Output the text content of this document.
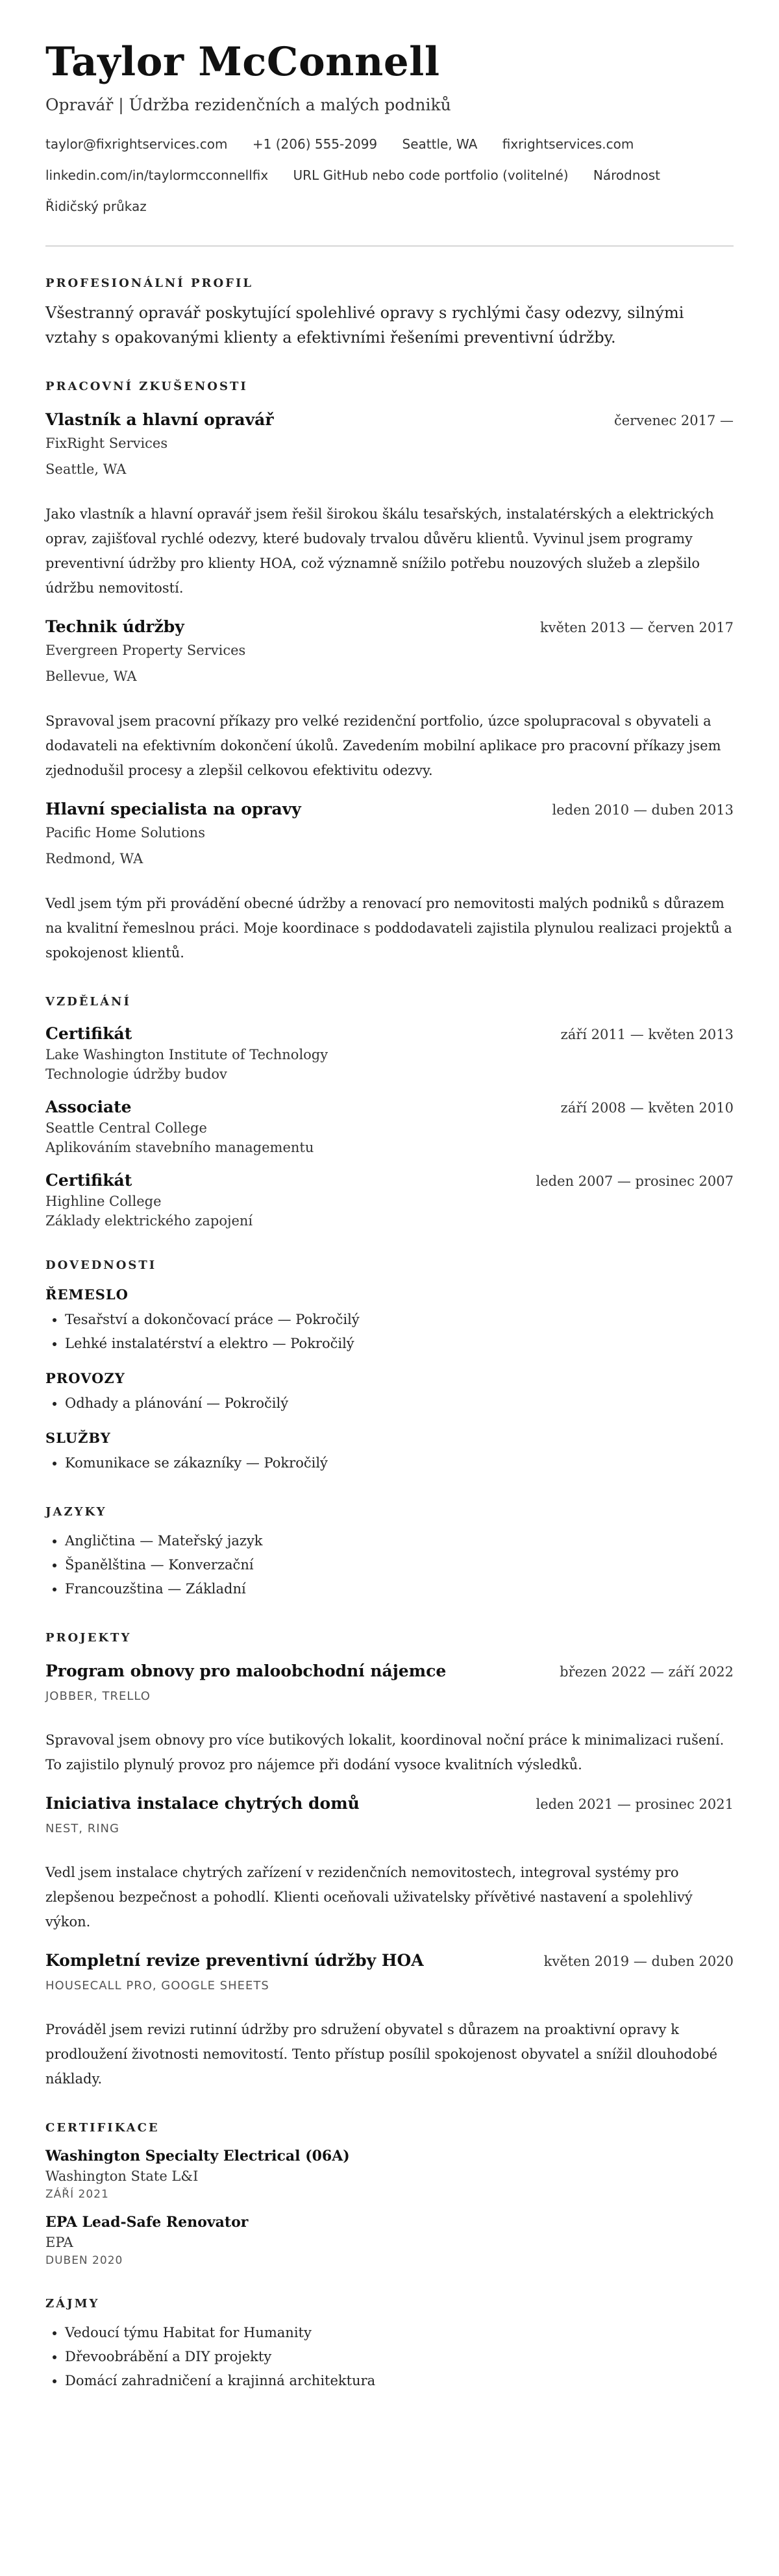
Taylor McConnell
Opravář | Údržba rezidenčních a malých podniků
taylor@fixrightservices.com +1 (206) 555-2099 Seattle, WA fixrightservices.com linkedin.com/in/taylormcconnellfix URL GitHub nebo code portfolio (volitelné) Národnost Řidičský průkaz
PROFESIONÁLNÍ PROFIL

Všestranný opravář poskytující spolehlivé opravy s rychlými časy odezvy, silnými vztahy s opakovanými klienty a efektivními řešeními preventivní údržby.

PRACOVNÍ ZKUŠENOSTI
Vlastník a hlavní opravář	červenec 2017 —
FixRight Services
Seattle, WA
Jako vlastník a hlavní opravář jsem řešil širokou škálu tesařských, instalatérských a elektrických oprav, zajišťoval rychlé odezvy, které budovaly trvalou důvěru klientů. Vyvinul jsem programy preventivní údržby pro klienty HOA, což významně snížilo potřebu nouzových služeb a zlepšilo údržbu nemovitostí.
Technik údržby	květen 2013 — červen 2017
Evergreen Property Services
Bellevue, WA
Spravoval jsem pracovní příkazy pro velké rezidenční portfolio, úzce spolupracoval s obyvateli a dodavateli na efektivním dokončení úkolů. Zavedením mobilní aplikace pro pracovní příkazy jsem zjednodušil procesy a zlepšil celkovou efektivitu odezvy.
Hlavní specialista na opravy	leden 2010 — duben 2013
Pacific Home Solutions
Redmond, WA
Vedl jsem tým při provádění obecné údržby a renovací pro nemovitosti malých podniků s důrazem na kvalitní řemeslnou práci. Moje koordinace s poddodavateli zajistila plynulou realizaci projektů a spokojenost klientů.
VZDĚLÁNÍ
Certifikát	září 2011 — květen 2013
Lake Washington Institute of Technology
Technologie údržby budov
Associate	září 2008 — květen 2010
Seattle Central College
Aplikováním stavebního managementu
Certifikát	leden 2007 — prosinec 2007
Highline College
Základy elektrického zapojení
DOVEDNOSTI
ŘEMESLO
• Tesařství a dokončovací práce — Pokročilý
• Lehké instalatérství a elektro — Pokročilý
PROVOZY
• Odhady a plánování — Pokročilý
SLUŽBY
• Komunikace se zákazníky — Pokročilý
JAZYKY
• Angličtina — Mateřský jazyk
• Španělština — Konverzační
• Francouzština — Základní
PROJEKTY
Program obnovy pro maloobchodní nájemce	březen 2022 — září 2022
JOBBER, TRELLO
Spravoval jsem obnovy pro více butikových lokalit, koordinoval noční práce k minimalizaci rušení. To zajistilo plynulý provoz pro nájemce při dodání vysoce kvalitních výsledků.
Iniciativa instalace chytrých domů	leden 2021 — prosinec 2021
NEST, RING
Vedl jsem instalace chytrých zařízení v rezidenčních nemovitostech, integroval systémy pro zlepšenou bezpečnost a pohodlí. Klienti oceňovali uživatelsky přívětivé nastavení a spolehlivý výkon.
Kompletní revize preventivní údržby HOA	květen 2019 — duben 2020
HOUSECALL PRO, GOOGLE SHEETS
Prováděl jsem revizi rutinní údržby pro sdružení obyvatel s důrazem na proaktivní opravy k prodloužení životnosti nemovitostí. Tento přístup posílil spokojenost obyvatel a snížil dlouhodobé náklady.
CERTIFIKACE
Washington Specialty Electrical (06A)
Washington State L&I
ZÁŘÍ 2021
EPA Lead-Safe Renovator
EPA
DUBEN 2020
ZÁJMY
• Vedoucí týmu Habitat for Humanity
• Dřevoobrábění a DIY projekty
• Domácí zahradničení a krajinná architektura
